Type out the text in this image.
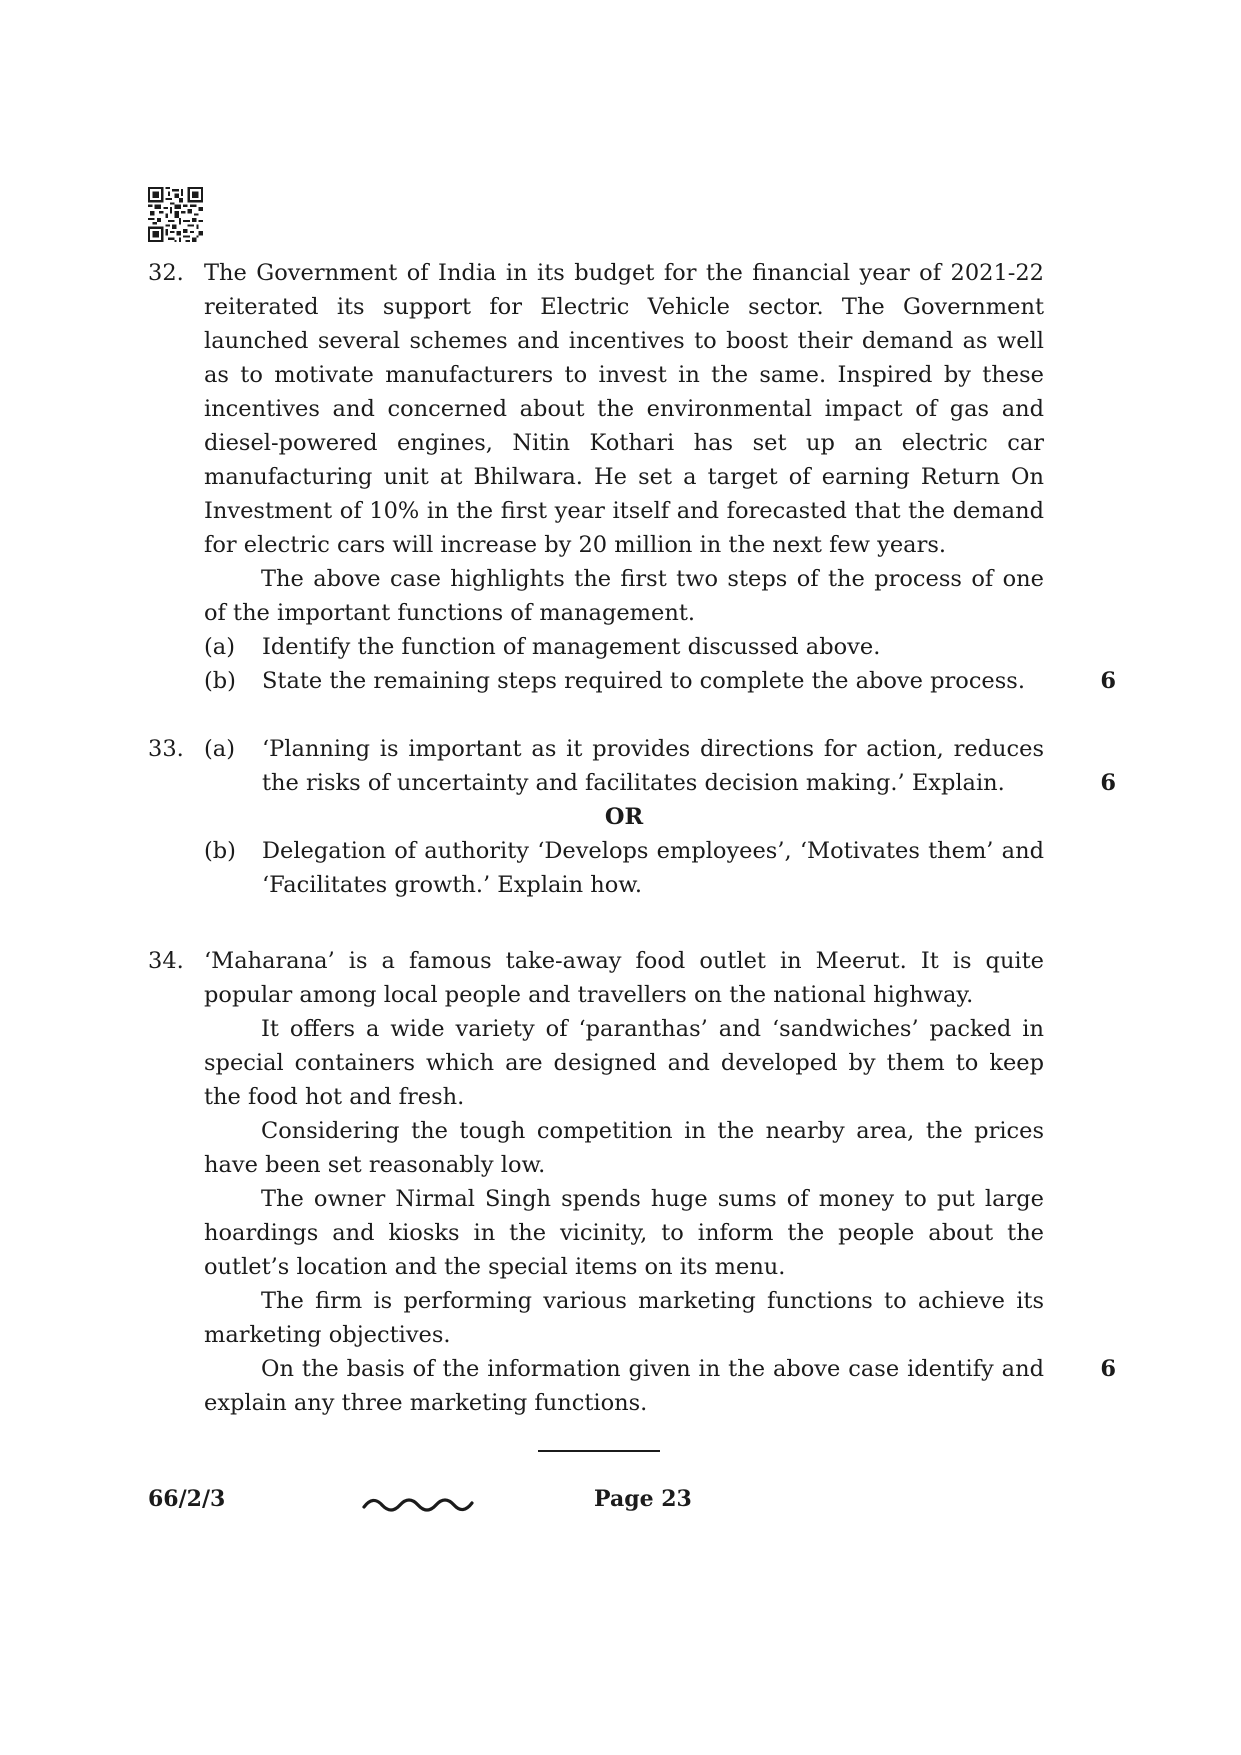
32. The Government of India in its budget for the financial year of 2021-22 reiterated its support for Electric Vehicle sector. The Government launched several schemes and incentives to boost their demand as well as to motivate manufacturers to invest in the same. Inspired by these incentives and concerned about the environmental impact of gas and diesel-powered engines, Nitin Kothari has set up an electric car manufacturing unit at Bhilwara. He set a target of earning Return On Investment of 10% in the first year itself and forecasted that the demand for electric cars will increase by 20 million in the next few years.

The above case highlights the first two steps of the process of one of the important functions of management.

(a) Identify the function of management discussed above.

(b) State the remaining steps required to complete the above process.	6
33. (a) ‘Planning is important as it provides directions for action, reduces the risks of uncertainty and facilitates decision making.’ Explain.

OR

(b) Delegation of authority ‘Develops employees’, ‘Motivates them’ and ‘Facilitates growth.’ Explain how.

6
34. ‘Maharana’ is a famous take-away food outlet in Meerut. It is quite popular among local people and travellers on the national highway.

It offers a wide variety of ‘paranthas’ and ‘sandwiches’ packed in special containers which are designed and developed by them to keep the food hot and fresh.

Considering the tough competition in the nearby area, the prices have been set reasonably low.

The owner Nirmal Singh spends huge sums of money to put large hoardings and kiosks in the vicinity, to inform the people about the outlet’s location and the special items on its menu.

The firm is performing various marketing functions to achieve its marketing objectives.

On the basis of the information given in the above case identify and explain any three marketing functions.

6
66/2/3	Page 23
